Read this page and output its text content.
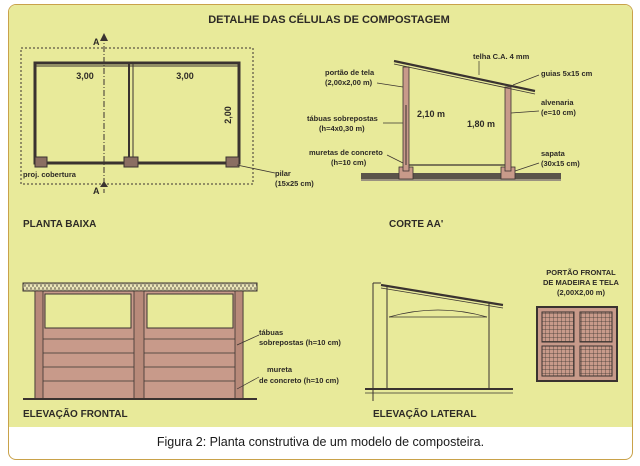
DETALHE DAS CÉLULAS DE COMPOSTAGEM
A
A
3,00	3,00
2,00
proj. cobertura	pilar
(15x25 cm)
PLANTA BAIXA
telha C.A. 4 mm
guias 5x15 cm
portão de tela
(2,00x2,00 m)
tábuas sobrepostas
(h=4x0,30 m)
muretas de concreto
(h=10 cm)
2,10 m
1,80 m
alvenaria
(e=10 cm)
sapata
(30x15 cm)
CORTE AA'
tábuas
sobrepostas (h=10 cm)
mureta
de concreto (h=10 cm)
ELEVAÇÃO FRONTAL	ELEVAÇÃO LATERAL
PORTÃO FRONTAL
DE MADEIRA E TELA
(2,00X2,00 m)
Figura 2: Planta construtiva de um modelo de composteira.
